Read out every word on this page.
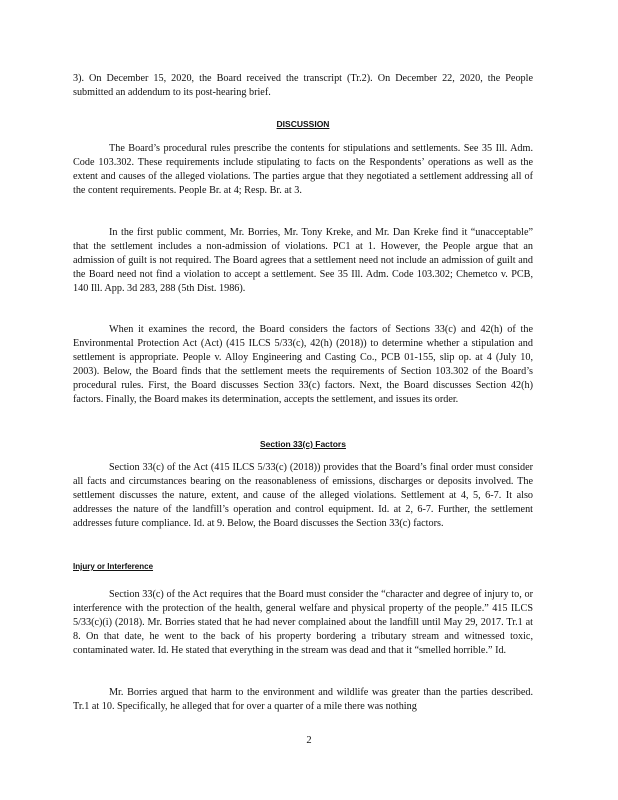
3). On December 15, 2020, the Board received the transcript (Tr.2). On December 22, 2020, the People submitted an addendum to its post-hearing brief.

DISCUSSION

The Board’s procedural rules prescribe the contents for stipulations and settlements. See 35 Ill. Adm. Code 103.302. These requirements include stipulating to facts on the Respondents’ operations as well as the extent and causes of the alleged violations. The parties argue that they negotiated a settlement addressing all of the content requirements. People Br. at 4; Resp. Br. at 3.

In the first public comment, Mr. Borries, Mr. Tony Kreke, and Mr. Dan Kreke find it “unacceptable” that the settlement includes a non-admission of violations. PC1 at 1. However, the People argue that an admission of guilt is not required. The Board agrees that a settlement need not include an admission of guilt and the Board need not find a violation to accept a settlement. See 35 Ill. Adm. Code 103.302; Chemetco v. PCB, 140 Ill. App. 3d 283, 288 (5th Dist. 1986).

When it examines the record, the Board considers the factors of Sections 33(c) and 42(h) of the Environmental Protection Act (Act) (415 ILCS 5/33(c), 42(h) (2018)) to determine whether a stipulation and settlement is appropriate. People v. Alloy Engineering and Casting Co., PCB 01-155, slip op. at 4 (July 10, 2003). Below, the Board finds that the settlement meets the requirements of Section 103.302 of the Board’s procedural rules. First, the Board discusses Section 33(c) factors. Next, the Board discusses Section 42(h) factors. Finally, the Board makes its determination, accepts the settlement, and issues its order.

Section 33(c) Factors

Section 33(c) of the Act (415 ILCS 5/33(c) (2018)) provides that the Board’s final order must consider all facts and circumstances bearing on the reasonableness of emissions, discharges or deposits involved. The settlement discusses the nature, extent, and cause of the alleged violations. Settlement at 4, 5, 6-7. It also addresses the nature of the landfill’s operation and control equipment. Id. at 2, 6-7. Further, the settlement addresses future compliance. Id. at 9. Below, the Board discusses the Section 33(c) factors.

Injury or Interference

Section 33(c) of the Act requires that the Board must consider the “character and degree of injury to, or interference with the protection of the health, general welfare and physical property of the people.” 415 ILCS 5/33(c)(i) (2018). Mr. Borries stated that he had never complained about the landfill until May 29, 2017. Tr.1 at 8. On that date, he went to the back of his property bordering a tributary stream and witnessed toxic, contaminated water. Id. He stated that everything in the stream was dead and that it “smelled horrible.” Id.

Mr. Borries argued that harm to the environment and wildlife was greater than the parties described. Tr.1 at 10. Specifically, he alleged that for over a quarter of a mile there was nothing

2
